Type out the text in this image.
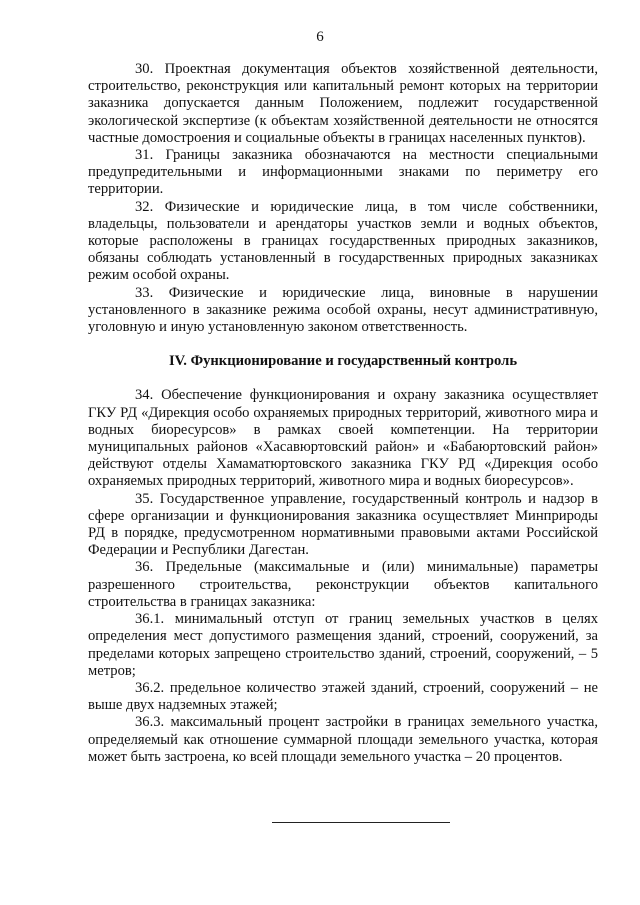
6

30. Проектная документация объектов хозяйственной деятельности, строительство, реконструкция или капитальный ремонт которых на территории заказника допускается данным Положением, подлежит государственной экологической экспертизе (к объектам хозяйственной деятельности не относятся частные домостроения и социальные объекты в границах населенных пунктов).

31. Границы заказника обозначаются на местности специальными предупредительными и информационными знаками по периметру его территории.

32. Физические и юридические лица, в том числе собственники, владельцы, пользователи и арендаторы участков земли и водных объектов, которые расположены в границах государственных природных заказников, обязаны соблюдать установленный в государственных природных заказниках режим особой охраны.

33. Физические и юридические лица, виновные в нарушении установленного в заказнике режима особой охраны, несут административную, уголовную и иную установленную законом ответственность.

IV. Функционирование и государственный контроль

34. Обеспечение функционирования и охрану заказника осуществляет ГКУ РД «Дирекция особо охраняемых природных территорий, животного мира и водных биоресурсов» в рамках своей компетенции. На территории муниципальных районов «Хасавюртовский район» и «Бабаюртовский район» действуют отделы Хамаматюртовского заказника ГКУ РД «Дирекция особо охраняемых природных территорий, животного мира и водных биоресурсов».

35. Государственное управление, государственный контроль и надзор в сфере организации и функционирования заказника осуществляет Минприроды РД в порядке, предусмотренном нормативными правовыми актами Российской Федерации и Республики Дагестан.

36. Предельные (максимальные и (или) минимальные) параметры разрешенного строительства, реконструкции объектов капитального строительства в границах заказника:

36.1. минимальный отступ от границ земельных участков в целях определения мест допустимого размещения зданий, строений, сооружений, за пределами которых запрещено строительство зданий, строений, сооружений, – 5 метров;

36.2. предельное количество этажей зданий, строений, сооружений – не выше двух надземных этажей;

36.3. максимальный процент застройки в границах земельного участка, определяемый как отношение суммарной площади земельного участка, которая может быть застроена, ко всей площади земельного участка – 20 процентов.
